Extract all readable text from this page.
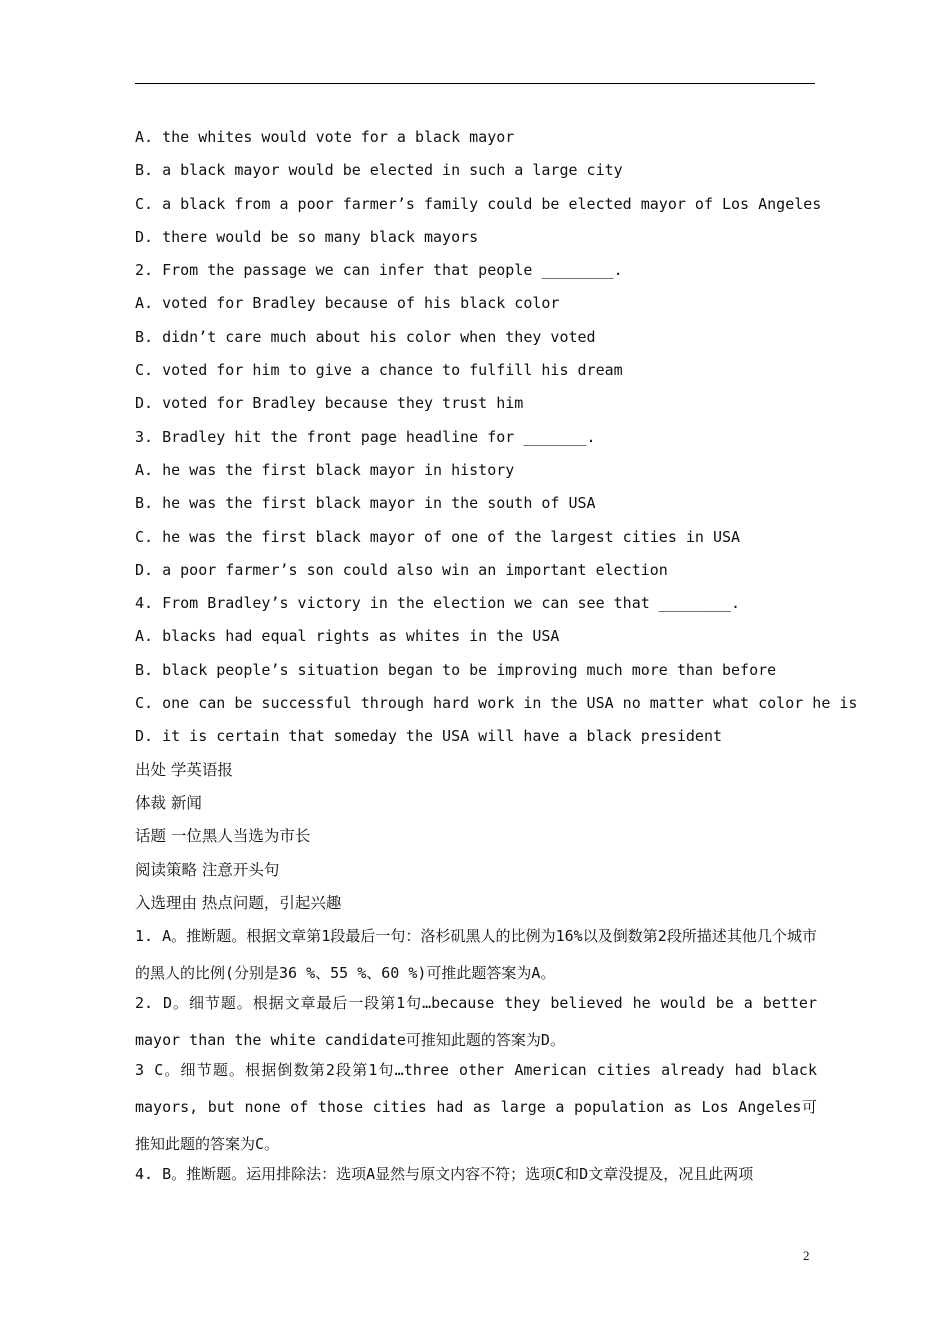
A. the whites would vote for a black mayor
B. a black mayor would be elected in such a large city
C. a black from a poor farmer’s family could be elected mayor of Los Angeles
D. there would be so many black mayors
2. From the passage we can infer that people ________.
A. voted for Bradley because of his black color
B. didn’t care much about his color when they voted
C. voted for him to give a chance to fulfill his dream
D. voted for Bradley because they trust him
3. Bradley hit the front page headline for _______.
A. he was the first black mayor in history
B. he was the first black mayor in the south of USA
C. he was the first black mayor of one of the largest cities in USA
D. a poor farmer’s son could also win an important election
4. From Bradley’s victory in the election we can see that ________.
A. blacks had equal rights as whites in the USA
B. black people’s situation began to be improving much more than before
C. one can be successful through hard work in the USA no matter what color he is
D. it is certain that someday the USA will have a black president
出处 学英语报
体裁 新闻
话题 一位黑人当选为市长
阅读策略 注意开头句
入选理由 热点问题，引起兴趣
1. A。推断题。根据文章第1段最后一句：洛杉矶黑人的比例为16%以及倒数第2段所描述其他几个城市的黑人的比例(分别是36 %、55 %、60 %)可推此题答案为A。
2. D。细节题。根据文章最后一段第1句…because they believed he would be a better mayor than the white candidate可推知此题的答案为D。
3 C。细节题。根据倒数第2段第1句…three other American cities already had black mayors, but none of those cities had as large a population as Los Angeles可推知此题的答案为C。
4. B。推断题。运用排除法：选项A显然与原文内容不符；选项C和D文章没提及，况且此两项
2
